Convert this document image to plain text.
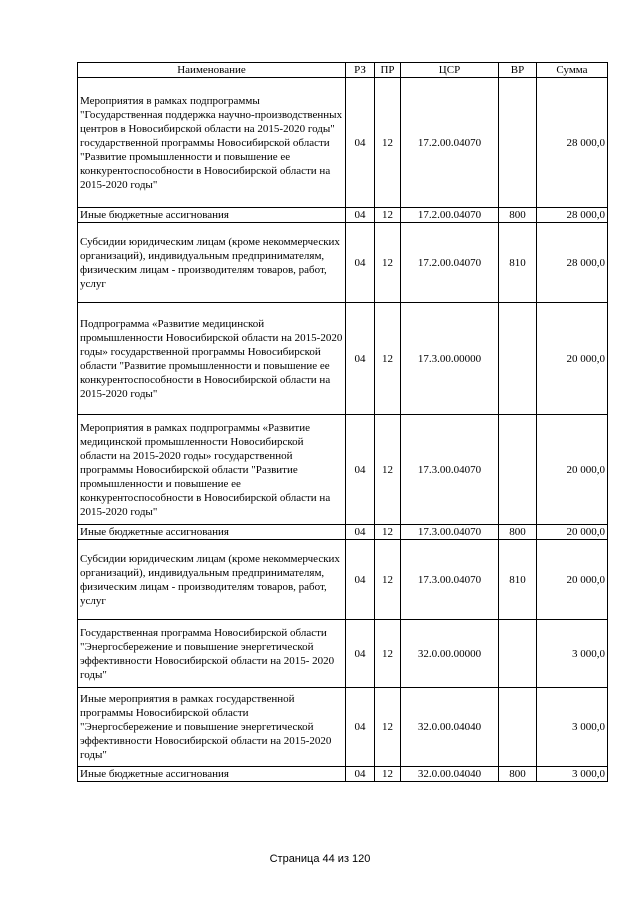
Наименование	РЗ	ПР	ЦСР	ВР	Сумма
Мероприятия в рамках подпрограммы "Государственная поддержка научно-производственных центров в Новосибирской области на 2015-2020 годы" государственной программы Новосибирской области "Развитие промышленности и повышение ее конкурентоспособности в Новосибирской области на 2015-2020 годы"	04	12	17.2.00.04070		28 000,0
Иные бюджетные ассигнования	04	12	17.2.00.04070	800	28 000,0
Субсидии юридическим лицам (кроме некоммерческих организаций), индивидуальным предпринимателям, физическим лицам - производителям товаров, работ, услуг	04	12	17.2.00.04070	810	28 000,0
Подпрограмма «Развитие медицинской промышленности Новосибирской области на 2015-2020 годы» государственной программы Новосибирской области "Развитие промышленности и повышение ее конкурентоспособности в Новосибирской области на 2015-2020 годы"	04	12	17.3.00.00000		20 000,0
Мероприятия в рамках подпрограммы «Развитие медицинской промышленности Новосибирской области на 2015-2020 годы» государственной программы Новосибирской области "Развитие промышленности и повышение ее конкурентоспособности в Новосибирской области на 2015-2020 годы"	04	12	17.3.00.04070		20 000,0
Иные бюджетные ассигнования	04	12	17.3.00.04070	800	20 000,0
Субсидии юридическим лицам (кроме некоммерческих организаций), индивидуальным предпринимателям, физическим лицам - производителям товаров, работ, услуг	04	12	17.3.00.04070	810	20 000,0
Государственная программа Новосибирской области "Энергосбережение и повышение энергетической эффективности Новосибирской области на 2015- 2020 годы"	04	12	32.0.00.00000		3 000,0
Иные мероприятия в рамках государственной программы Новосибирской области "Энергосбережение и повышение энергетической эффективности Новосибирской области на 2015-2020 годы"	04	12	32.0.00.04040		3 000,0
Иные бюджетные ассигнования	04	12	32.0.00.04040	800	3 000,0
Страница 44 из 120
